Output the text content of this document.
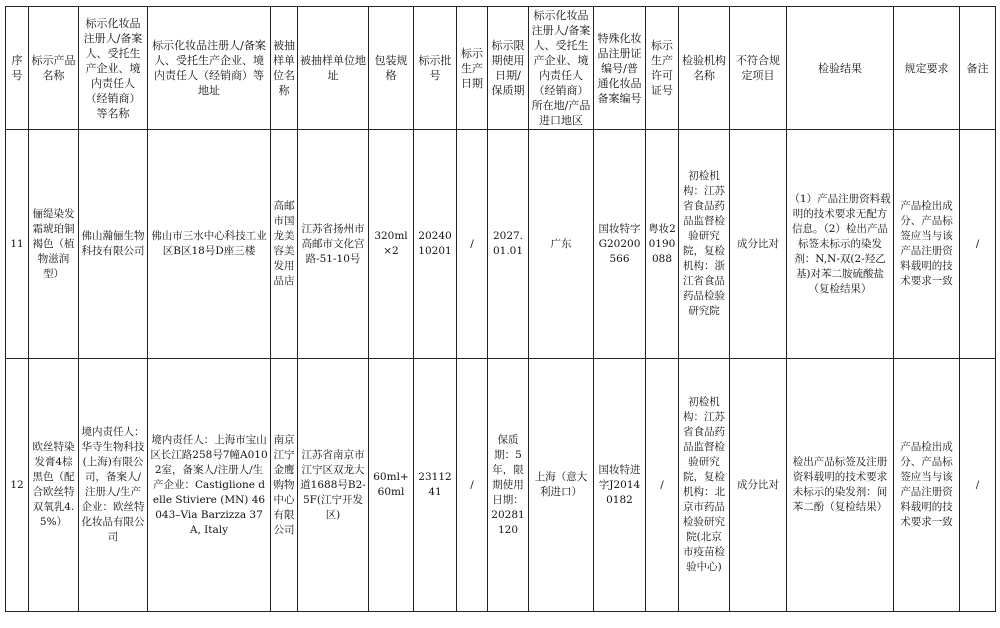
序号	标示产品名称	标示化妆品注册人/备案人、受托生产企业、境内责任人（经销商）等名称	标示化妆品注册人/备案人、受托生产企业、境内责任人（经销商）等地址	被抽样单位名称	被抽样单位地址	包装规格	标示批号	标示生产日期	标示限期使用日期/保质期	标示化妆品注册人/备案人、受托生产企业、境内责任人（经销商）所在地/产品进口地区	特殊化妆品注册证编号/普通化妆品备案编号	标示生产许可证号	检验机构名称	不符合规定项目	检验结果	规定要求	备注
11	俪缇染发霜琥珀铜褐色（植物滋润型）	佛山瀚俪生物科技有限公司	佛山市三水中心科技工业区B区18号D座三楼	高邮市国龙美容美发用品店	江苏省扬州市高邮市文化宫路-51-10号	320ml×2	2024010201	/	2027.01.01	广东	国妆特字G20200566	粤妆20190088	初检机构：江苏省食品药品监督检验研究院，复检机构：浙江省食品药品检验研究院	成分比对	（1）产品注册资料载明的技术要求无配方信息。（2）检出产品标签未标示的染发剂：N,N-双(2-羟乙基)对苯二胺硫酸盐（复检结果）	产品检出成分、产品标签应当与该产品注册资料载明的技术要求一致	/
12	欧丝特染发膏4棕黑色（配合欧丝特双氧乳4.5%）	境内责任人：华寺生物科技(上海)有限公司，备案人/注册人/生产企业：欧丝特化妆品有限公司	境内责任人：上海市宝山区长江路258号7幢A0102室，备案人/注册人/生产企业：Castiglione delle Stiviere (MN) 46043–Via Barzizza 37A, Italy	南京江宁金鹰购物中心有限公司	江苏省南京市江宁区双龙大道1688号B2-5F(江宁开发区)	60ml+60ml	2311241	/	保质期：5年，限期使用日期：20281120	上海（意大利进口）	国妆特进字J20140182	/	初检机构：江苏省食品药品监督检验研究院，复检机构：北京市药品检验研究院(北京市疫苗检验中心)	成分比对	检出产品标签及注册资料载明的技术要求未标示的染发剂：间苯二酚（复检结果）	产品检出成分、产品标签应当与该产品注册资料载明的技术要求一致	/
